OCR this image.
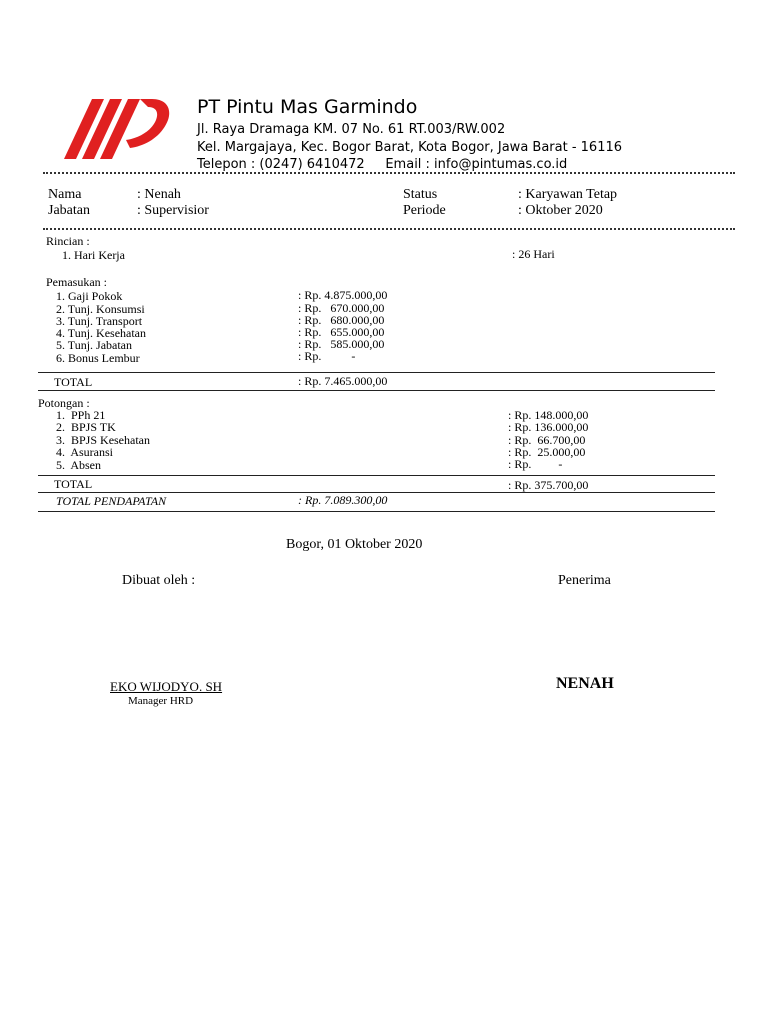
PT Pintu Mas Garmindo
Jl. Raya Dramaga KM. 07 No. 61 RT.003/RW.002
Kel. Margajaya, Kec. Bogor Barat, Kota Bogor, Jawa Barat - 16116
Telepon : (0247) 6410472     Email : info@pintumas.co.id
Nama	: Nenah
Jabatan	: Supervisior
Status	: Karyawan Tetap
Periode	: Oktober 2020
Rincian :
1. Hari Kerja	: 26 Hari
Pemasukan :
1. Gaji Pokok	: Rp. 4.875.000,00
2. Tunj. Konsumsi	: Rp.   670.000,00
3. Tunj. Transport	: Rp.   680.000,00
4. Tunj. Kesehatan	: Rp.   655.000,00
5. Tunj. Jabatan	: Rp.   585.000,00
6. Bonus Lembur	: Rp.          -
TOTAL	: Rp. 7.465.000,00
Potongan :
1.  PPh 21	: Rp. 148.000,00
2.  BPJS TK	: Rp. 136.000,00
3.  BPJS Kesehatan	: Rp.  66.700,00
4.  Asuransi	: Rp.  25.000,00
5.  Absen	: Rp.         -
TOTAL	: Rp. 375.700,00
TOTAL PENDAPATAN	: Rp. 7.089.300,00
Bogor, 01 Oktober 2020
Dibuat oleh :	Penerima
EKO WIJODYO. SH
Manager HRD
NENAH
